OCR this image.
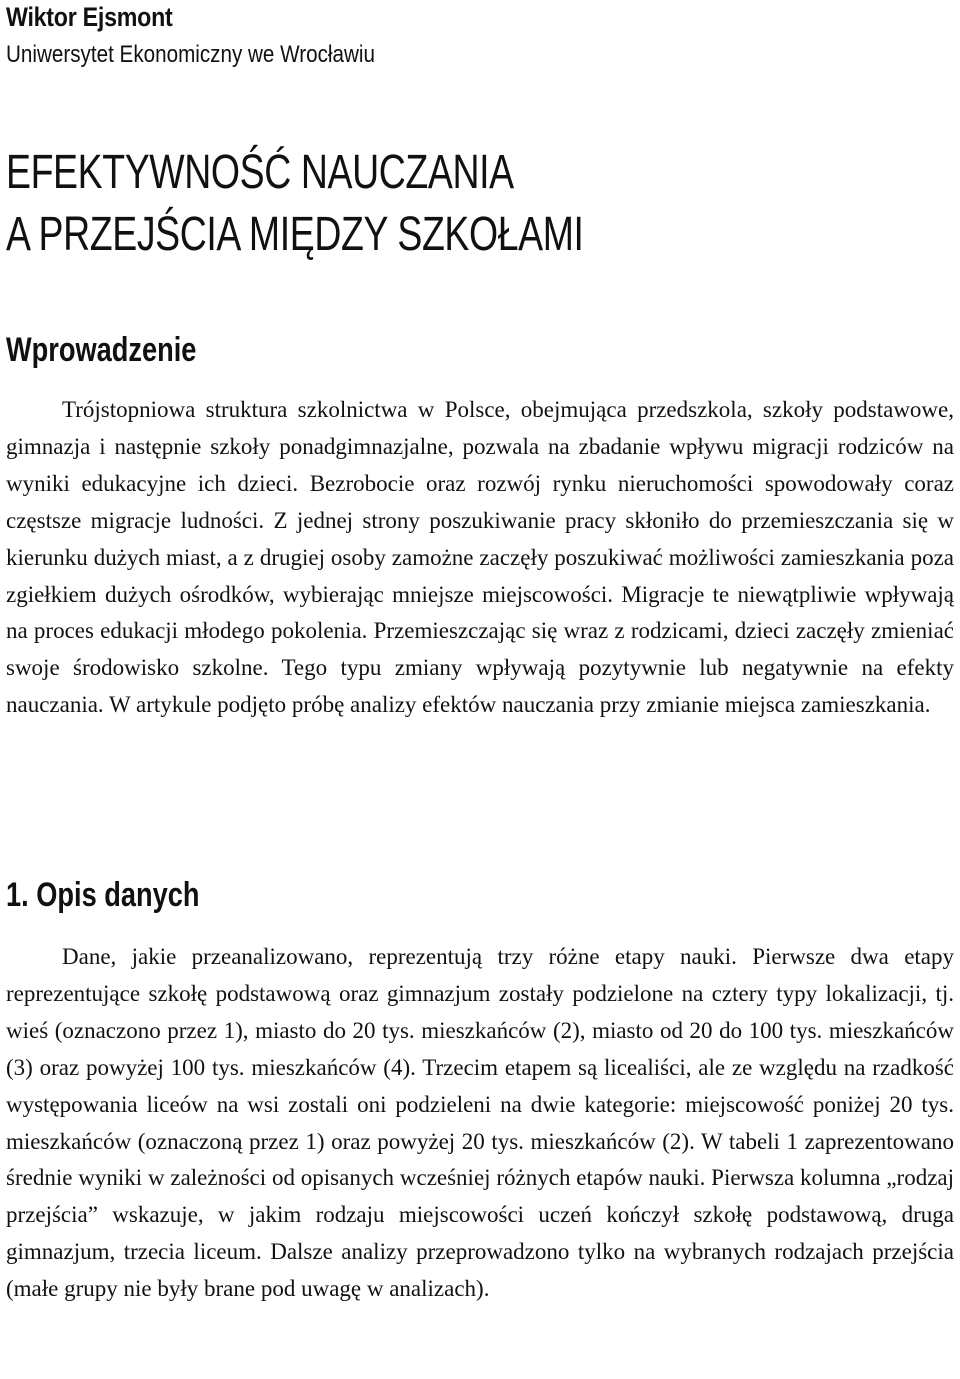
Wiktor Ejsmont
Uniwersytet Ekonomiczny we Wrocławiu
EFEKTYWNOŚĆ NAUCZANIA
A PRZEJŚCIA MIĘDZY SZKOŁAMI
Wprowadzenie

Trójstopniowa struktura szkolnictwa w Polsce, obejmująca przedszkola, szkoły podstawowe, gimnazja i następnie szkoły ponadgimnazjalne, pozwala na zbadanie wpływu migracji rodziców na wyniki edukacyjne ich dzieci. Bezrobocie oraz rozwój rynku nieruchomości spowodowały coraz częstsze migracje ludności. Z jednej strony poszukiwanie pracy skłoniło do przemieszczania się w kierunku dużych miast, a z drugiej osoby zamożne zaczęły poszukiwać możliwości zamieszkania poza zgiełkiem dużych ośrodków, wybierając mniejsze miejscowości. Migracje te niewątpliwie wpływają na proces edukacji młodego pokolenia. Przemieszczając się wraz z rodzicami, dzieci zaczęły zmieniać swoje środowisko szkolne. Tego typu zmiany wpływają pozytywnie lub negatywnie na efekty nauczania. W artykule podjęto próbę analizy efektów nauczania przy zmianie miejsca zamieszkania.

1. Opis danych

Dane, jakie przeanalizowano, reprezentują trzy różne etapy nauki. Pierwsze dwa etapy reprezentujące szkołę podstawową oraz gimnazjum zostały podzielone na cztery typy lokalizacji, tj. wieś (oznaczono przez 1), miasto do 20 tys. mieszkańców (2), miasto od 20 do 100 tys. mieszkańców (3) oraz powyżej 100 tys. mieszkańców (4). Trzecim etapem są licealiści, ale ze względu na rzadkość występowania liceów na wsi zostali oni podzieleni na dwie kategorie: miejscowość poniżej 20 tys. mieszkańców (oznaczoną przez 1) oraz powyżej 20 tys. mieszkańców (2). W tabeli 1 zaprezentowano średnie wyniki w zależności od opisanych wcześniej różnych etapów nauki. Pierwsza kolumna „rodzaj przejścia” wskazuje, w jakim rodzaju miejscowości uczeń kończył szkołę podstawową, druga gimnazjum, trzecia liceum. Dalsze analizy przeprowadzono tylko na wybranych rodzajach przejścia (małe grupy nie były brane pod uwagę w analizach).
